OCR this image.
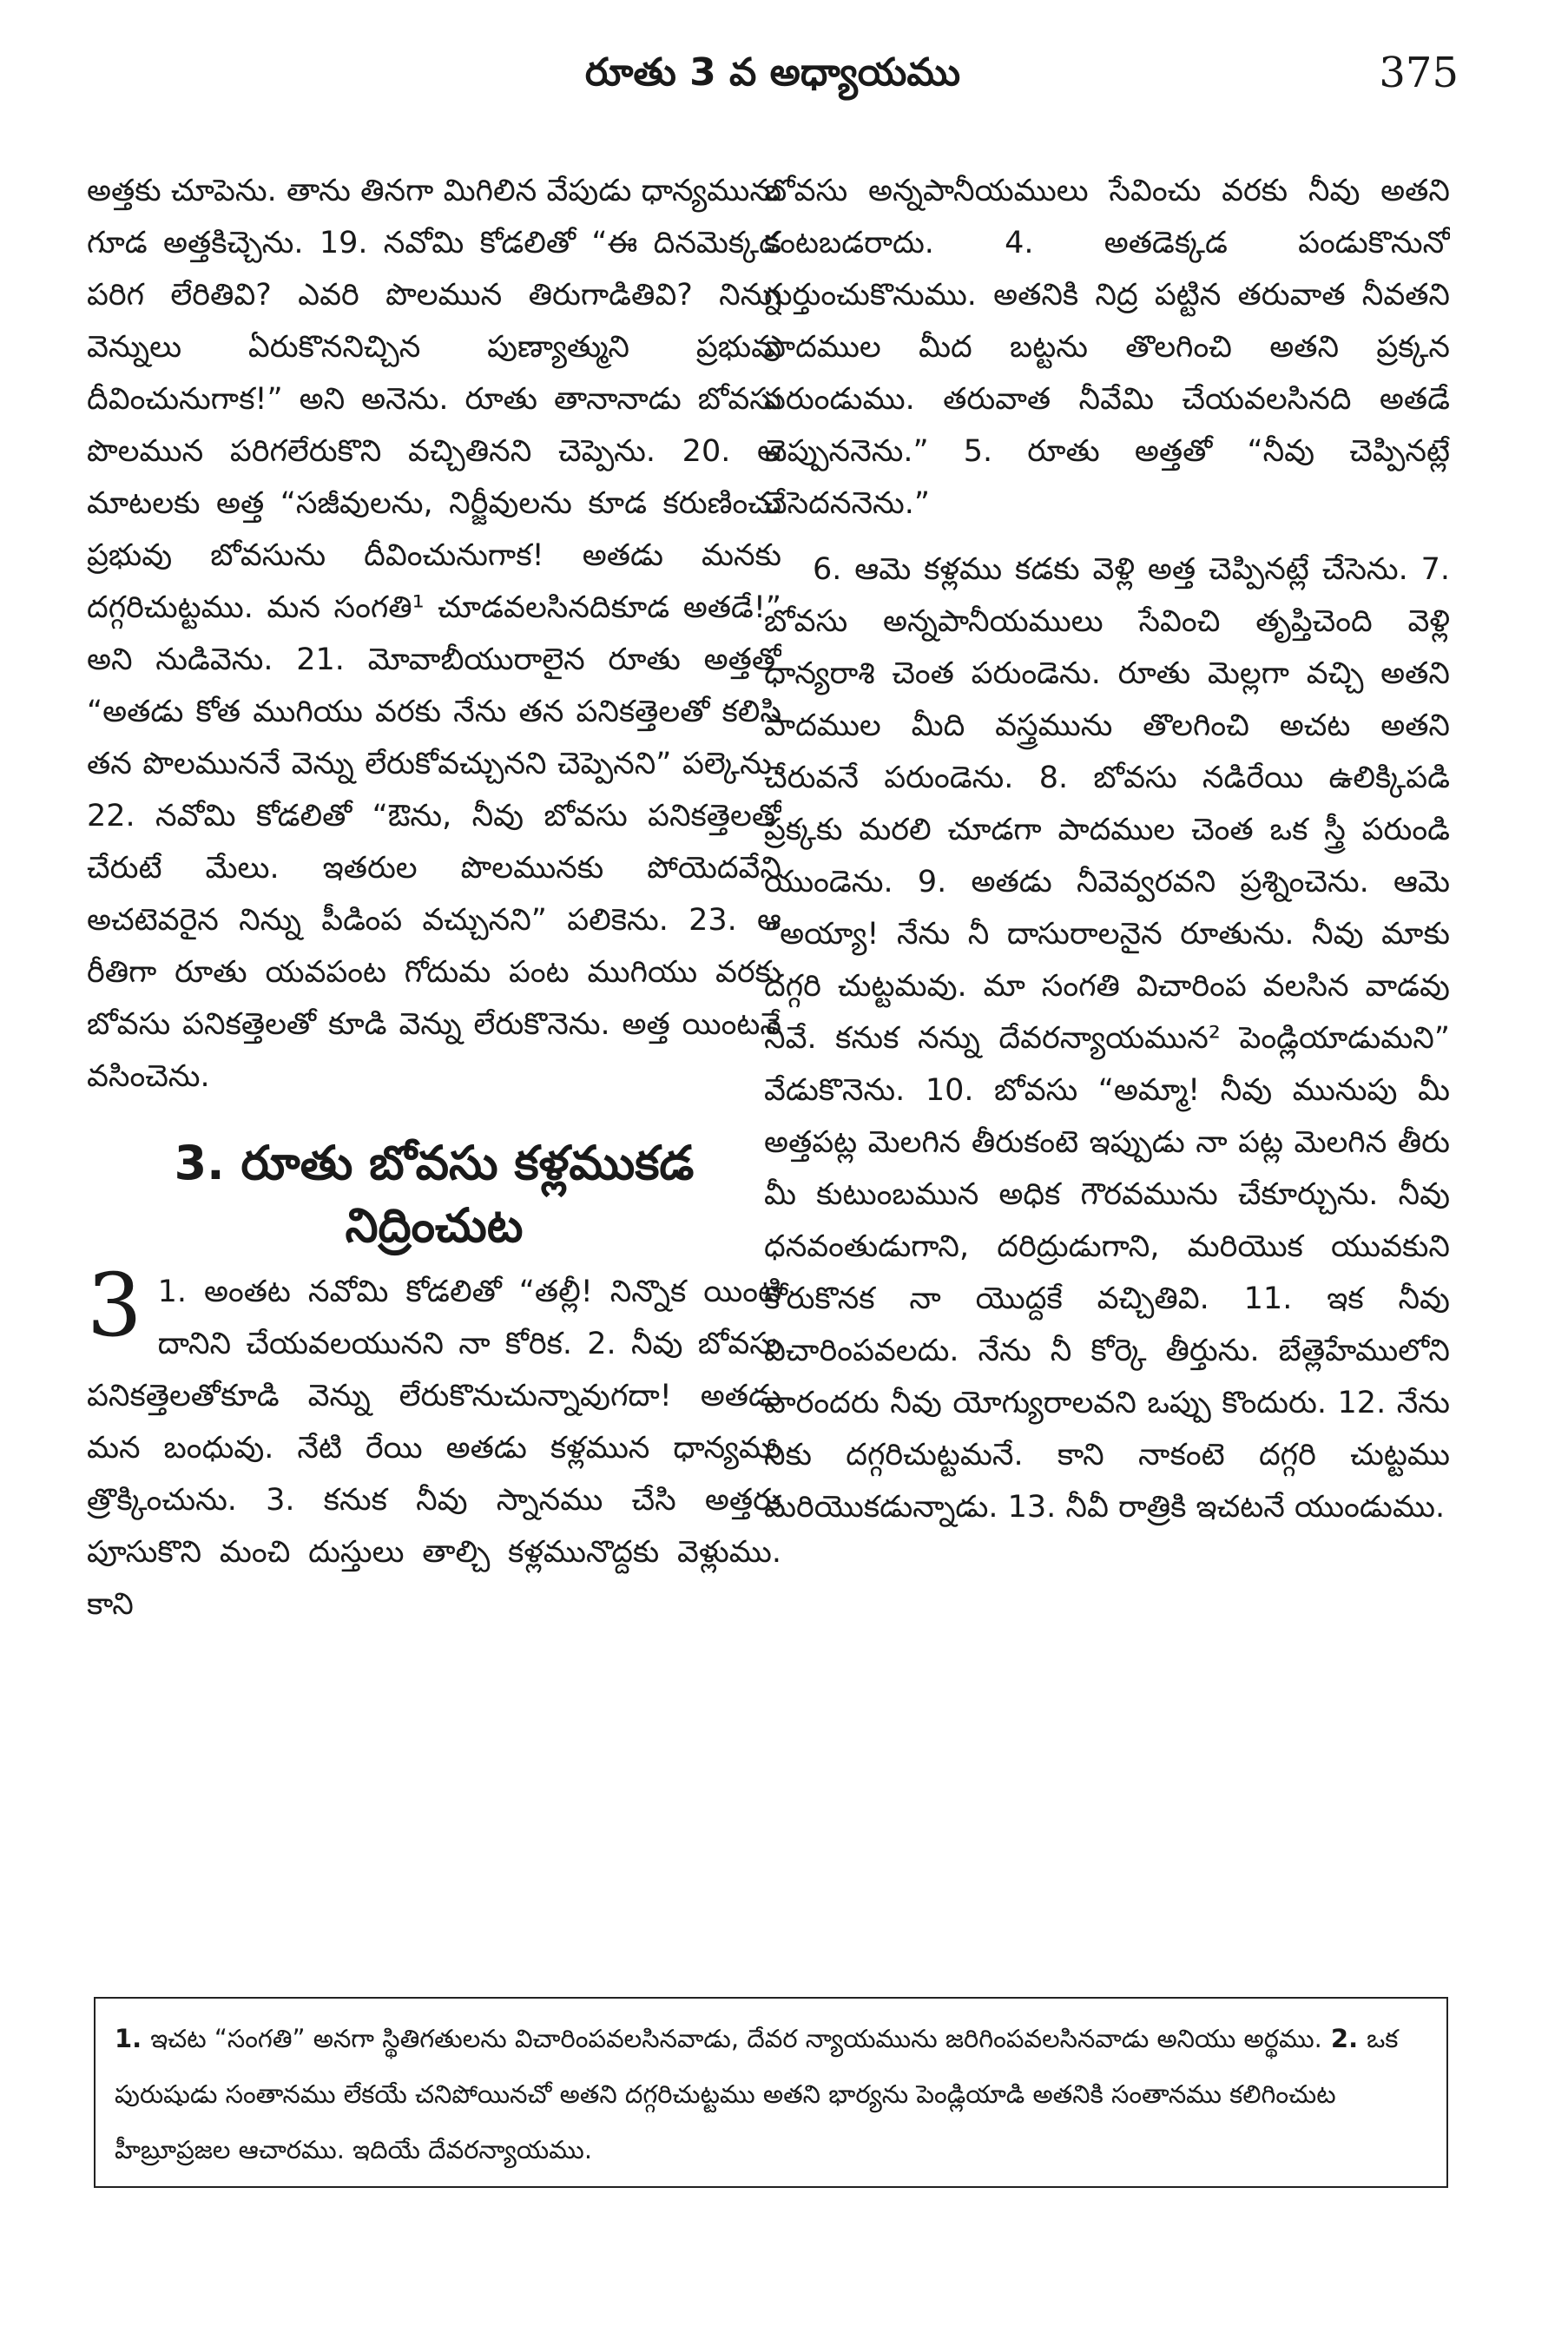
రూతు 3 వ అధ్యాయము	375

అత్తకు చూపెను. తాను తినగా మిగిలిన వేపుడు ధాన్యమును గూడ అత్తకిచ్చెను. 19. నవోమి కోడలితో “ఈ దినమెక్కడ పరిగ లేరితివి? ఎవరి పొలమున తిరుగాడితివి? నిన్ను వెన్నులు ఏరుకొననిచ్చిన పుణ్యాత్ముని ప్రభువు దీవించునుగాక!” అని అనెను. రూతు తానానాడు బోవసు పొలమున పరిగలేరుకొని వచ్చితినని చెప్పెను. 20. ఆ మాటలకు అత్త “సజీవులను, నిర్జీవులను కూడ కరుణించు ప్రభువు బోవసును దీవించునుగాక! అతడు మనకు దగ్గరిచుట్టము. మన సంగతి¹ చూడవలసినదికూడ అతడే!” అని నుడివెను. 21. మోవాబీయురాలైన రూతు అత్తతో “అతడు కోత ముగియు వరకు నేను తన పనికత్తెలతో కలిసి తన పొలముననే వెన్ను లేరుకోవచ్చునని చెప్పెనని” పల్కెను. 22. నవోమి కోడలితో “ఔను, నీవు బోవసు పనికత్తెలతో చేరుటే మేలు. ఇతరుల పొలమునకు పోయెదవేని అచటెవరైన నిన్ను పీడింప వచ్చునని” పలికెను. 23. ఆ రీతిగా రూతు యవపంట గోదుమ పంట ముగియు వరకు బోవసు పనికత్తెలతో కూడి వెన్ను లేరుకొనెను. అత్త యింటనే వసించెను.

3. రూతు బోవసు కళ్లముకడ నిద్రించుట

3 1. అంతట నవోమి కోడలితో “తల్లీ! నిన్నొక యింటి దానిని చేయవలయునని నా కోరిక. 2. నీవు బోవసు పనికత్తెలతోకూడి వెన్ను లేరుకొనుచున్నావుగదా! అతడు మన బంధువు. నేటి రేయి అతడు కళ్లమున ధాన్యము త్రొక్కించును. 3. కనుక నీవు స్నానము చేసి అత్తరు పూసుకొని మంచి దుస్తులు తాల్చి కళ్లమునొద్దకు వెళ్లుము. కాని

బోవసు అన్నపానీయములు సేవించు వరకు నీవు అతని కంటబడరాదు. 4. అతడెక్కడ పండుకొనునో గుర్తుంచుకొనుము. అతనికి నిద్ర పట్టిన తరువాత నీవతని పాదముల మీద బట్టను తొలగించి అతని ప్రక్కన పరుండుము. తరువాత నీవేమి చేయవలసినది అతడే చెప్పుననెను.” 5. రూతు అత్తతో “నీవు చెప్పినట్లే చేసెదననెను.”

6. ఆమె కళ్లము కడకు వెళ్లి అత్త చెప్పినట్లే చేసెను. 7. బోవసు అన్నపానీయములు సేవించి తృప్తిచెంది వెళ్లి ధాన్యరాశి చెంత పరుండెను. రూతు మెల్లగా వచ్చి అతని పాదముల మీది వస్త్రమును తొలగించి అచట అతని చేరువనే పరుండెను. 8. బోవసు నడిరేయి ఉలిక్కిపడి ప్రక్కకు మరలి చూడగా పాదముల చెంత ఒక స్త్రీ పరుండి యుండెను. 9. అతడు నీవెవ్వరవని ప్రశ్నించెను. ఆమె “అయ్యా! నేను నీ దాసురాలనైన రూతును. నీవు మాకు దగ్గరి చుట్టమవు. మా సంగతి విచారింప వలసిన వాడవు నీవే. కనుక నన్ను దేవరన్యాయమున² పెండ్లియాడుమని” వేడుకొనెను. 10. బోవసు “అమ్మా! నీవు మునుపు మీ అత్తపట్ల మెలగిన తీరుకంటె ఇప్పుడు నా పట్ల మెలగిన తీరు మీ కుటుంబమున అధిక గౌరవమును చేకూర్చును. నీవు ధనవంతుడుగాని, దరిద్రుడుగాని, మరియొక యువకుని కోరుకొనక నా యొద్దకే వచ్చితివి. 11. ఇక నీవు విచారింపవలదు. నేను నీ కోర్కె తీర్తును. బేత్లెహేములోని వారందరు నీవు యోగ్యురాలవని ఒప్పు కొందురు. 12. నేను నీకు దగ్గరిచుట్టమనే. కాని నాకంటె దగ్గరి చుట్టము మరియొకడున్నాడు. 13. నీవీ రాత్రికి ఇచటనే యుండుము.

1. ఇచట “సంగతి” అనగా స్థితిగతులను విచారింపవలసినవాడు, దేవర న్యాయమును జరిగింపవలసినవాడు అనియు అర్థము. 2. ఒక పురుషుడు సంతానము లేకయే చనిపోయినచో అతని దగ్గరిచుట్టము అతని భార్యను పెండ్లియాడి అతనికి సంతానము కలిగించుట హీబ్రూప్రజల ఆచారము. ఇదియే దేవరన్యాయము.
